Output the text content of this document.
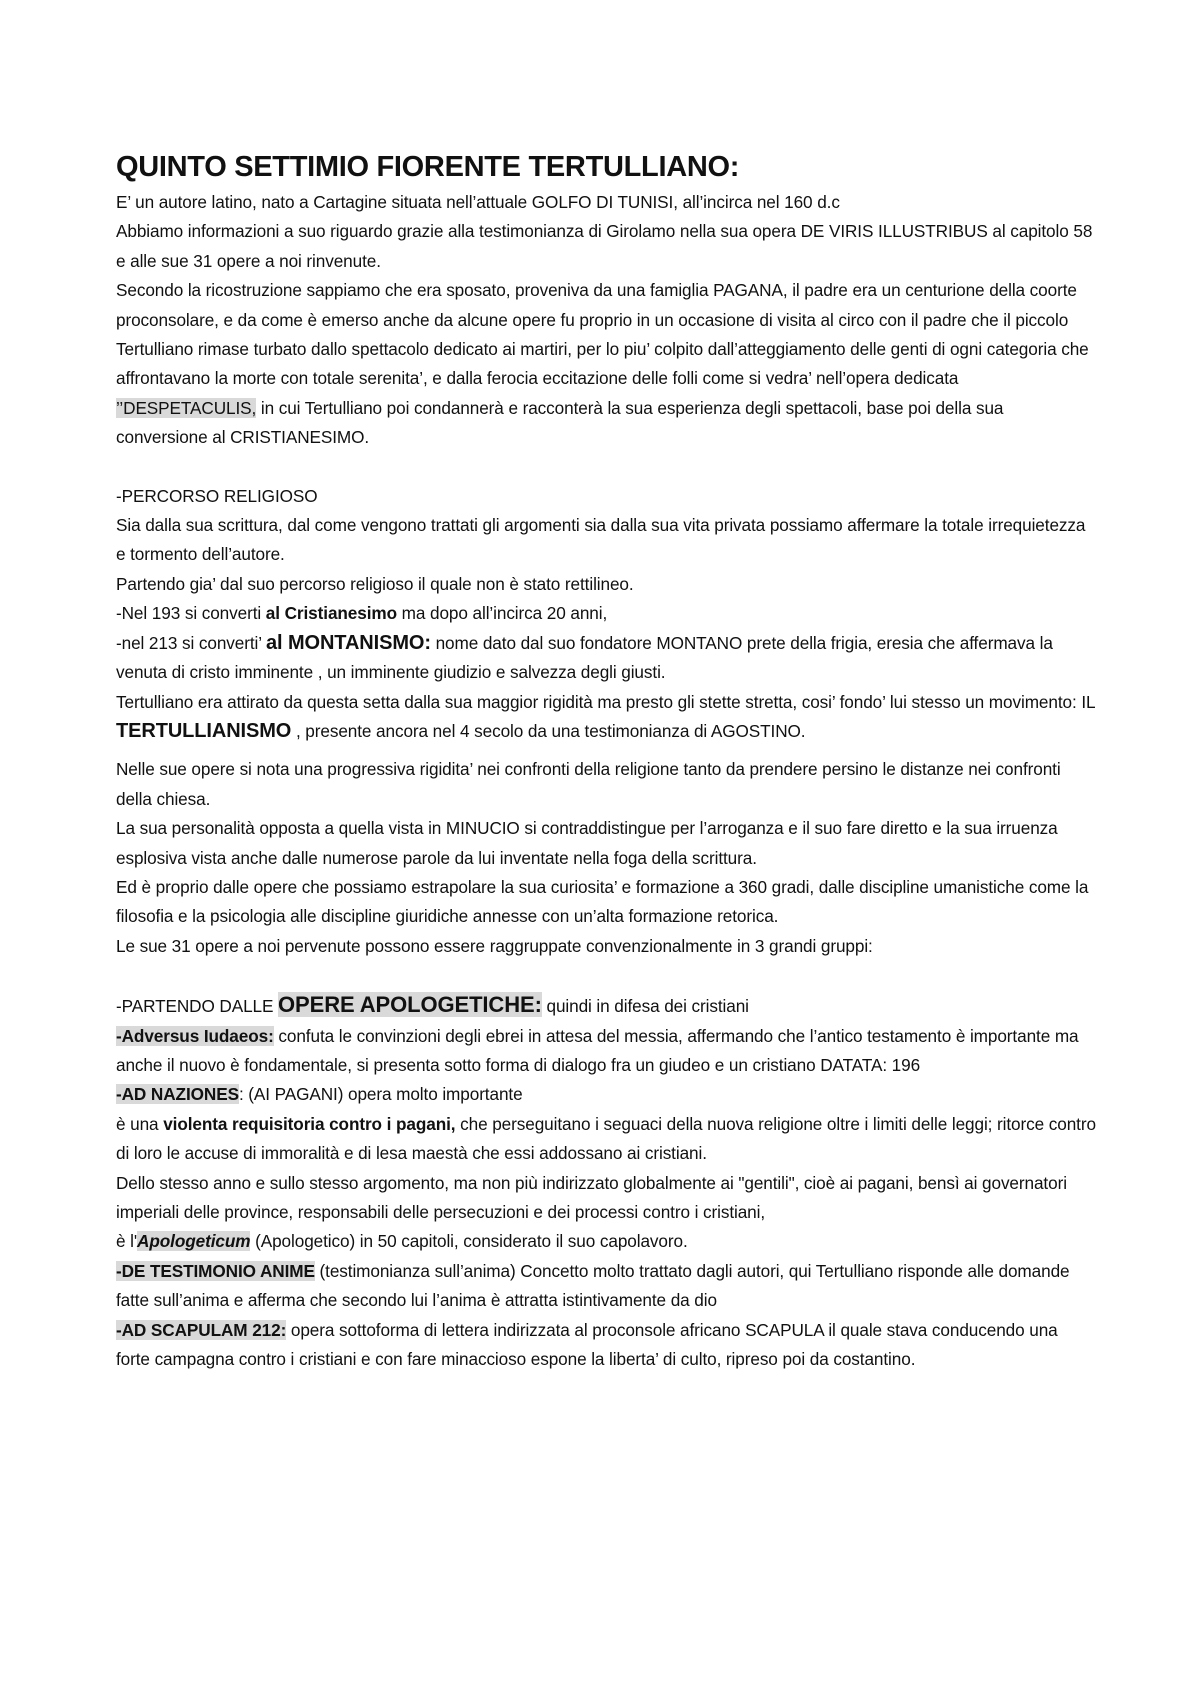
QUINTO SETTIMIO FIORENTE TERTULLIANO:

E’ un autore latino, nato a Cartagine situata nell’attuale GOLFO DI TUNISI, all’incirca nel 160 d.c

Abbiamo informazioni a suo riguardo grazie alla testimonianza di Girolamo nella sua opera DE VIRIS ILLUSTRIBUS al capitolo 58 e alle sue 31 opere a noi rinvenute.

Secondo la ricostruzione sappiamo che era sposato, proveniva da una famiglia PAGANA, il padre era un centurione della coorte proconsolare, e da come è emerso anche da alcune opere fu proprio in un occasione di visita al circo con il padre che il piccolo Tertulliano rimase turbato dallo spettacolo dedicato ai martiri, per lo piu’ colpito dall’atteggiamento delle genti di ogni categoria che affrontavano la morte con totale serenita’, e dalla ferocia eccitazione delle folli come si vedra’ nell’opera dedicata ’’DESPETACULIS, in cui Tertulliano poi condannerà e racconterà la sua esperienza degli spettacoli, base poi della sua conversione al CRISTIANESIMO.

-PERCORSO RELIGIOSO

Sia dalla sua scrittura, dal come vengono trattati gli argomenti sia dalla sua vita privata possiamo affermare la totale irrequietezza e tormento dell’autore.

Partendo gia’ dal suo percorso religioso il quale non è stato rettilineo.

-Nel 193 si converti al Cristianesimo ma dopo all’incirca 20 anni,

-nel 213 si converti’ al MONTANISMO: nome dato dal suo fondatore MONTANO prete della frigia, eresia che affermava la venuta di cristo imminente , un imminente giudizio e salvezza degli giusti.

Tertulliano era attirato da questa setta dalla sua maggior rigidità ma presto gli stette stretta, cosi’ fondo’ lui stesso un movimento: IL TERTULLIANISMO , presente ancora nel 4 secolo da una testimonianza di AGOSTINO.

Nelle sue opere si nota una progressiva rigidita’ nei confronti della religione tanto da prendere persino le distanze nei confronti della chiesa.

La sua personalità opposta a quella vista in MINUCIO si contraddistingue per l’arroganza e il suo fare diretto e la sua irruenza esplosiva vista anche dalle numerose parole da lui inventate nella foga della scrittura.

Ed è proprio dalle opere che possiamo estrapolare la sua curiosita’ e formazione a 360 gradi, dalle discipline umanistiche come la filosofia e la psicologia alle discipline giuridiche annesse con un’alta formazione retorica.

Le sue 31 opere a noi pervenute possono essere raggruppate convenzionalmente in 3 grandi gruppi:

-PARTENDO DALLE OPERE APOLOGETICHE: quindi in difesa dei cristiani

-Adversus Iudaeos: confuta le convinzioni degli ebrei in attesa del messia, affermando che l’antico testamento è importante ma anche il nuovo è fondamentale, si presenta sotto forma di dialogo fra un giudeo e un cristiano DATATA: 196

-AD NAZIONES: (AI PAGANI) opera molto importante

è una violenta requisitoria contro i pagani, che perseguitano i seguaci della nuova religione oltre i limiti delle leggi; ritorce contro di loro le accuse di immoralità e di lesa maestà che essi addossano ai cristiani.

Dello stesso anno e sullo stesso argomento, ma non più indirizzato globalmente ai "gentili", cioè ai pagani, bensì ai governatori imperiali delle province, responsabili delle persecuzioni e dei processi contro i cristiani,

è l'Apologeticum (Apologetico) in 50 capitoli, considerato il suo capolavoro.

-DE TESTIMONIO ANIME (testimonianza sull’anima) Concetto molto trattato dagli autori, qui Tertulliano risponde alle domande fatte sull’anima e afferma che secondo lui l’anima è attratta istintivamente da dio

-AD SCAPULAM 212: opera sottoforma di lettera indirizzata al proconsole africano SCAPULA il quale stava conducendo una forte campagna contro i cristiani e con fare minaccioso espone la liberta’ di culto, ripreso poi da costantino.
